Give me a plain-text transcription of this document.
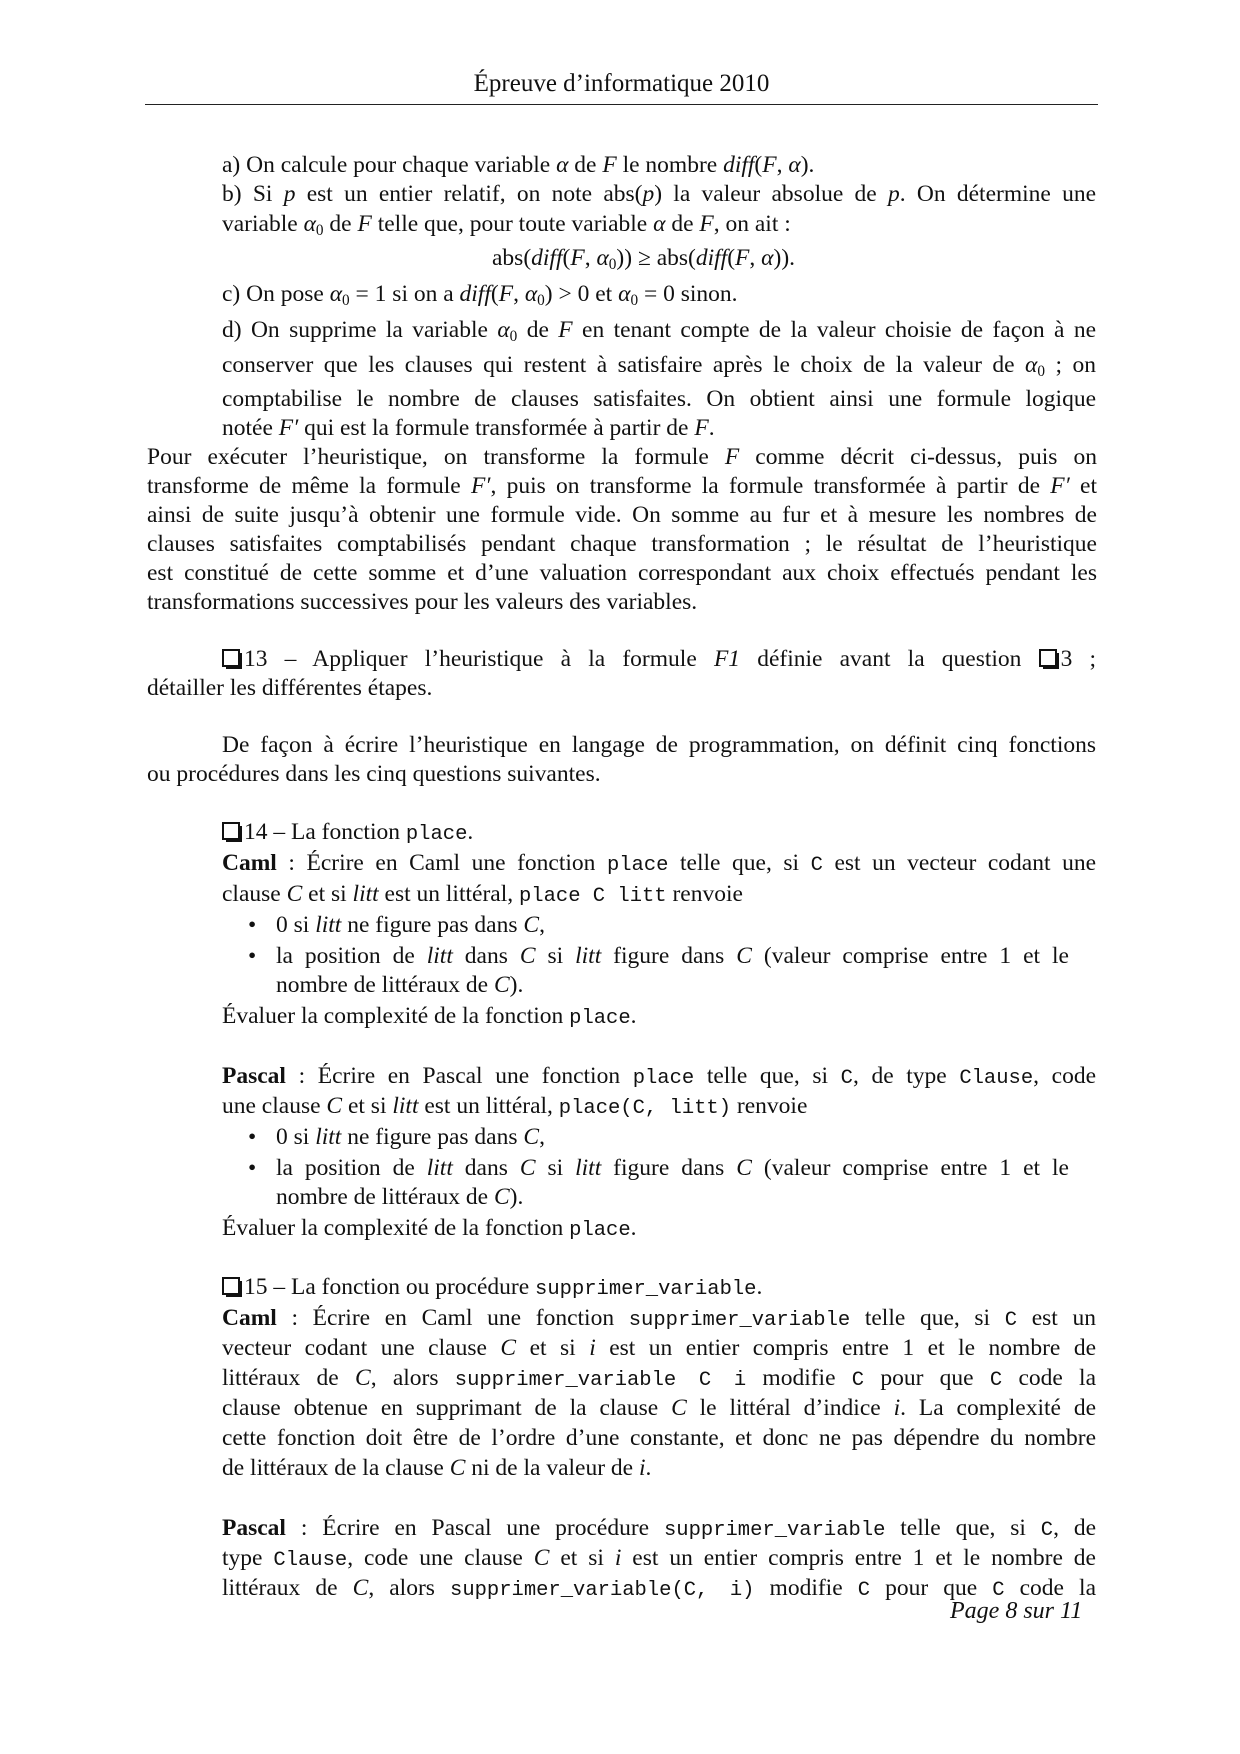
Épreuve d’informatique 2010
a) On calcule pour chaque variable α de F le nombre diff(F, α).
b) Si p est un entier relatif, on note abs(p) la valeur absolue de p. On détermine une
variable $\alpha_0$ de F telle que, pour toute variable α de F, on ait :
abs(diff(F, $\alpha_0$)) ≥ abs(diff(F, α)).
c) On pose $\alpha_0 = 1$ si on a diff(F, $\alpha_0) > 0$ et $\alpha_0 = 0$ sinon.
d) On supprime la variable $\alpha_0$ de F en tenant compte de la valeur choisie de façon à ne
conserver que les clauses qui restent à satisfaire après le choix de la valeur de $\alpha_0$ ; on
comptabilise le nombre de clauses satisfaites. On obtient ainsi une formule logique
notée F′ qui est la formule transformée à partir de F.
Pour exécuter l’heuristique, on transforme la formule F comme décrit ci-dessus, puis on
transforme de même la formule F′, puis on transforme la formule transformée à partir de F′ et
ainsi de suite jusqu’à obtenir une formule vide. On somme au fur et à mesure les nombres de
clauses satisfaites comptabilisés pendant chaque transformation ; le résultat de l’heuristique
est constitué de cette somme et d’une valuation correspondant aux choix effectués pendant les
transformations successives pour les valeurs des variables.
13 – Appliquer l’heuristique à la formule F1 définie avant la question 3 ;
détailler les différentes étapes.
De façon à écrire l’heuristique en langage de programmation, on définit cinq fonctions
ou procédures dans les cinq questions suivantes.
14 – La fonction place.
Caml : Écrire en Caml une fonction place telle que, si C est un vecteur codant une
clause C et si litt est un littéral, place C litt renvoie
• 0 si litt ne figure pas dans C,
• la position de litt dans C si litt figure dans C (valeur comprise entre 1 et le
nombre de littéraux de C).
Évaluer la complexité de la fonction place.
Pascal : Écrire en Pascal une fonction place telle que, si C, de type Clause, code
une clause C et si litt est un littéral, place(C, litt) renvoie
• 0 si litt ne figure pas dans C,
• la position de litt dans C si litt figure dans C (valeur comprise entre 1 et le
nombre de littéraux de C).
Évaluer la complexité de la fonction place.
15 – La fonction ou procédure supprimer_variable.
Caml : Écrire en Caml une fonction supprimer_variable telle que, si C est un
vecteur codant une clause C et si i est un entier compris entre 1 et le nombre de
littéraux de C, alors supprimer_variable C i modifie C pour que C code la
clause obtenue en supprimant de la clause C le littéral d’indice i. La complexité de
cette fonction doit être de l’ordre d’une constante, et donc ne pas dépendre du nombre
de littéraux de la clause C ni de la valeur de i.
Pascal : Écrire en Pascal une procédure supprimer_variable telle que, si C, de
type Clause, code une clause C et si i est un entier compris entre 1 et le nombre de
littéraux de C, alors supprimer_variable(C, i) modifie C pour que C code la
Page 8 sur 11
